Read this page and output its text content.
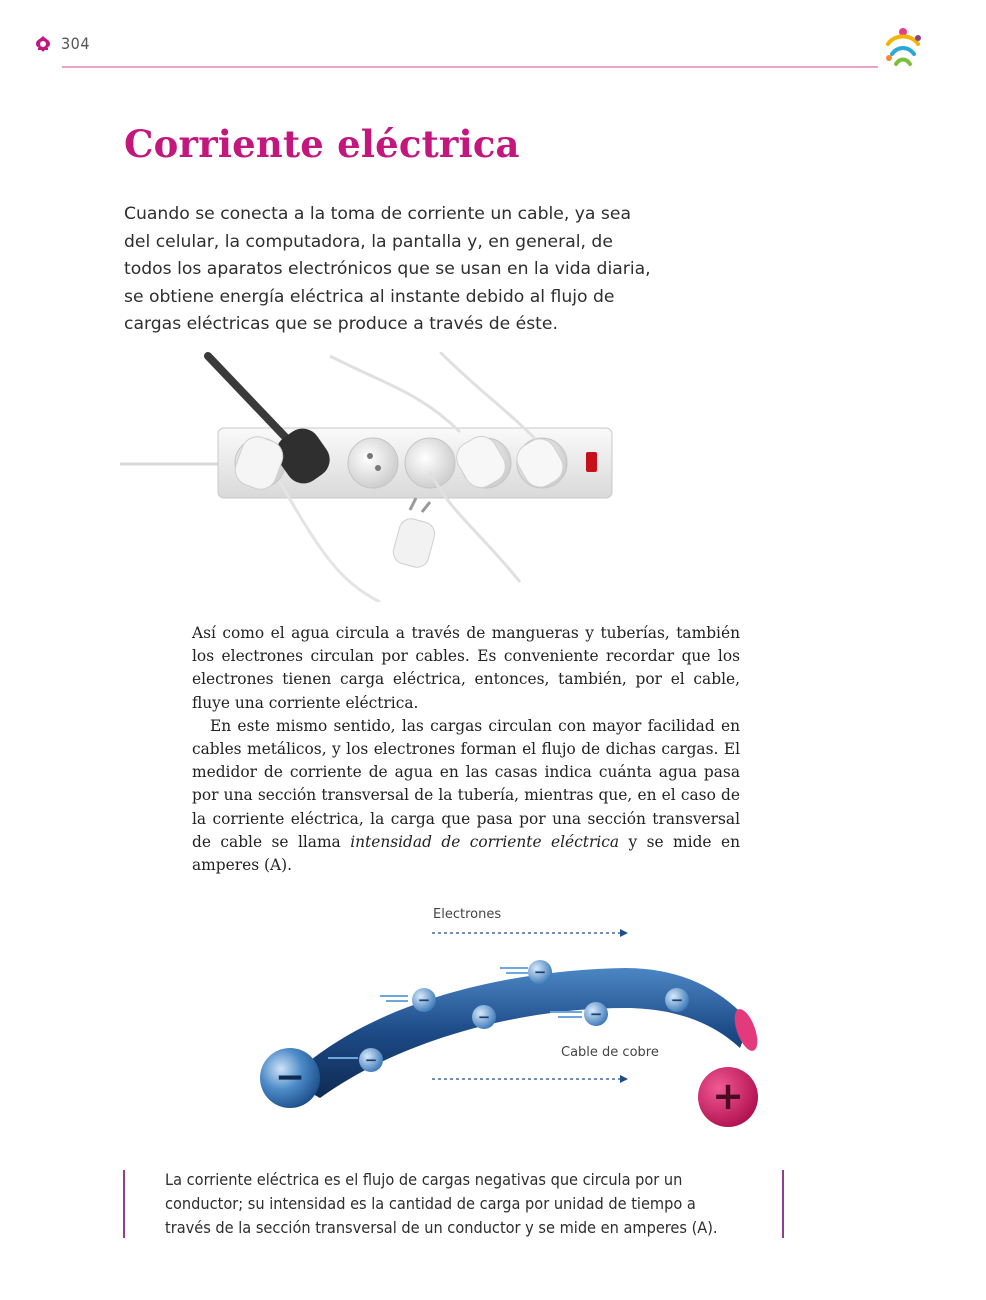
304
Corriente eléctrica

Cuando se conecta a la toma de corriente un cable, ya sea del celular, la computadora, la pantalla y, en general, de todos los aparatos electrónicos que se usan en la vida diaria, se obtiene energía eléctrica al instante debido al flujo de cargas eléctricas que se produce a través de éste.

Así como el agua circula a través de mangueras y tuberías, también los electrones circulan por cables. Es conveniente recordar que los electrones tienen carga eléctrica, entonces, también, por el cable, fluye una corriente eléctrica.

En este mismo sentido, las cargas circulan con mayor facilidad en cables metálicos, y los electrones forman el flujo de dichas cargas. El medidor de corriente de agua en las casas indica cuánta agua pasa por una sección transversal de la tubería, mientras que, en el caso de la corriente eléctrica, la carga que pasa por una sección transversal de cable se llama intensidad de corriente eléctrica y se mide en amperes (A).

Electrones
−
−
−	−
−
−
−	+
Cable de cobre

La corriente eléctrica es el flujo de cargas negativas que circula por un conductor; su intensidad es la cantidad de carga por unidad de tiempo a través de la sección transversal de un conductor y se mide en amperes (A).
